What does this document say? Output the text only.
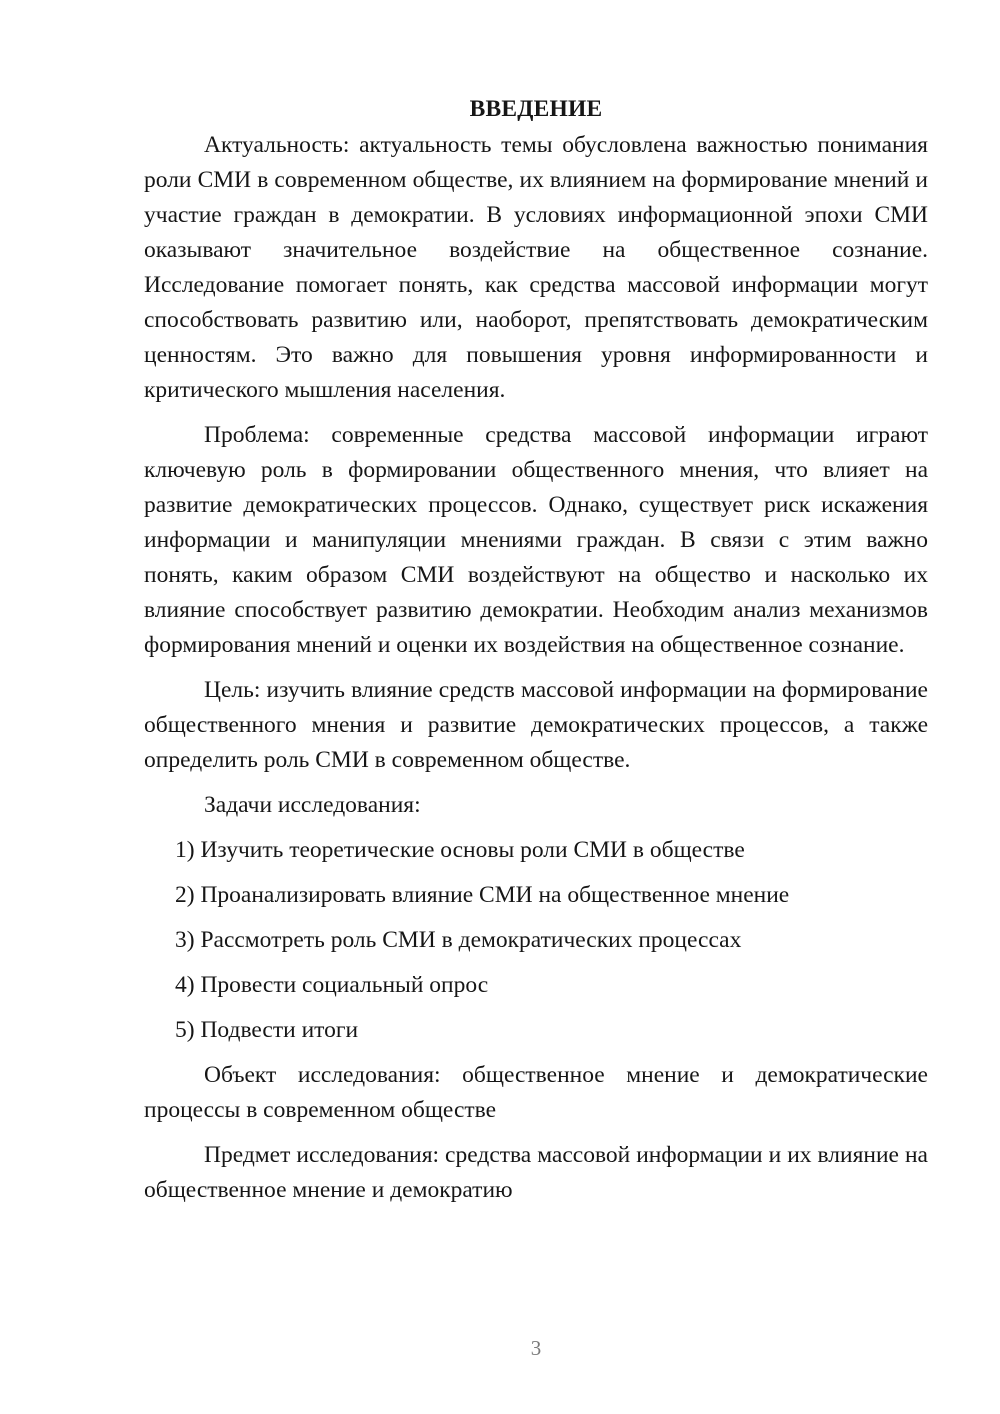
ВВЕДЕНИЕ

Актуальность: актуальность темы обусловлена важностью понимания роли СМИ в современном обществе, их влиянием на формирование мнений и участие граждан в демократии. В условиях информационной эпохи СМИ оказывают значительное воздействие на общественное сознание. Исследование помогает понять, как средства массовой информации могут способствовать развитию или, наоборот, препятствовать демократическим ценностям. Это важно для повышения уровня информированности и критического мышления населения.

Проблема: современные средства массовой информации играют ключевую роль в формировании общественного мнения, что влияет на развитие демократических процессов. Однако, существует риск искажения информации и манипуляции мнениями граждан. В связи с этим важно понять, каким образом СМИ воздействуют на общество и насколько их влияние способствует развитию демократии. Необходим анализ механизмов формирования мнений и оценки их воздействия на общественное сознание.

Цель: изучить влияние средств массовой информации на формирование общественного мнения и развитие демократических процессов, а также определить роль СМИ в современном обществе.

Задачи исследования:

1) Изучить теоретические основы роли СМИ в обществе
2) Проанализировать влияние СМИ на общественное мнение
3) Рассмотреть роль СМИ в демократических процессах
4) Провести социальный опрос
5) Подвести итоги

Объект исследования: общественное мнение и демократические процессы в современном обществе

Предмет исследования: средства массовой информации и их влияние на общественное мнение и демократию

3
